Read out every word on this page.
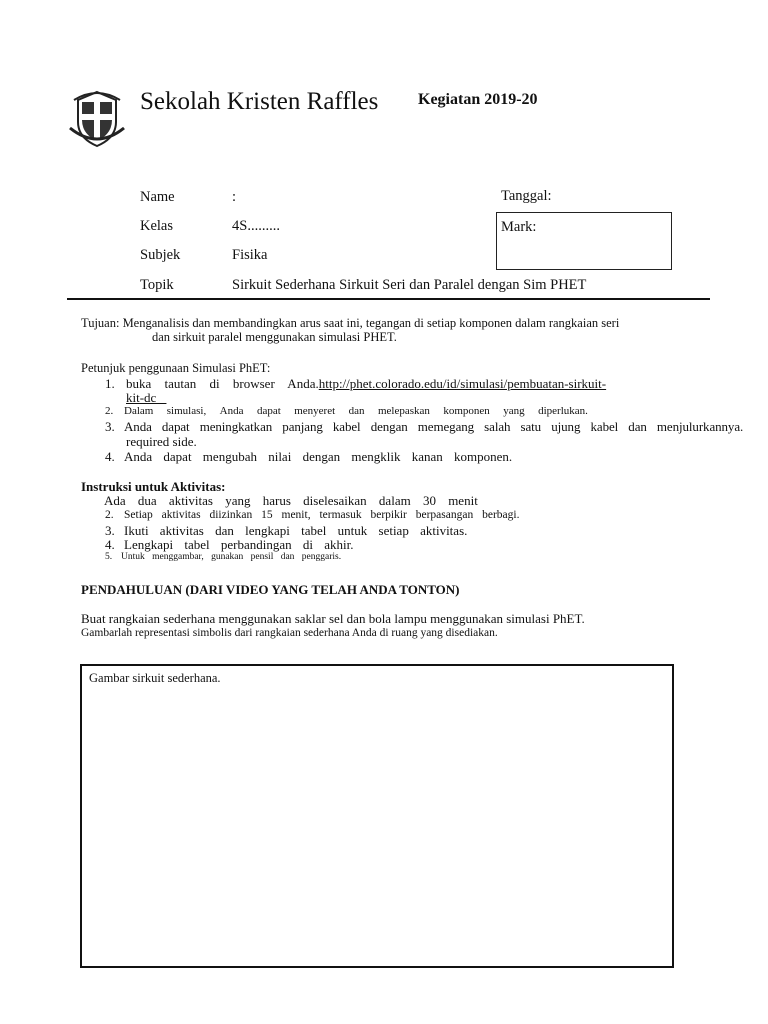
Sekolah Kristen Raffles Kegiatan 2019-20
Name	:
Kelas	4S.........
Subjek	Fisika
Topik	Sirkuit Sederhana Sirkuit Seri dan Paralel dengan Sim PHET
Tanggal:
Mark:
Tujuan: Menganalisis dan membandingkan arus saat ini, tegangan di setiap komponen dalam rangkaian seri
dan sirkuit paralel menggunakan simulasi PHET.
Petunjuk penggunaan Simulasi PhET:
1. buka tautan di browser Anda.http://phet.colorado.edu/id/simulasi/pembuatan-sirkuit-
kit-dc
2. Dalam simulasi, Anda dapat menyeret dan melepaskan komponen yang diperlukan.
3. Anda dapat meningkatkan panjang kabel dengan memegang salah satu ujung kabel dan menjulurkannya.
required side.
4. Anda dapat mengubah nilai dengan mengklik kanan komponen.
Instruksi untuk Aktivitas:
Ada dua aktivitas yang harus diselesaikan dalam 30 menit
2. Setiap aktivitas diizinkan 15 menit, termasuk berpikir berpasangan berbagi.
3. Ikuti aktivitas dan lengkapi tabel untuk setiap aktivitas.
4. Lengkapi tabel perbandingan di akhir.
5. Untuk menggambar, gunakan pensil dan penggaris.
PENDAHULUAN (DARI VIDEO YANG TELAH ANDA TONTON)
Buat rangkaian sederhana menggunakan saklar sel dan bola lampu menggunakan simulasi PhET.
Gambarlah representasi simbolis dari rangkaian sederhana Anda di ruang yang disediakan.
Gambar sirkuit sederhana.
